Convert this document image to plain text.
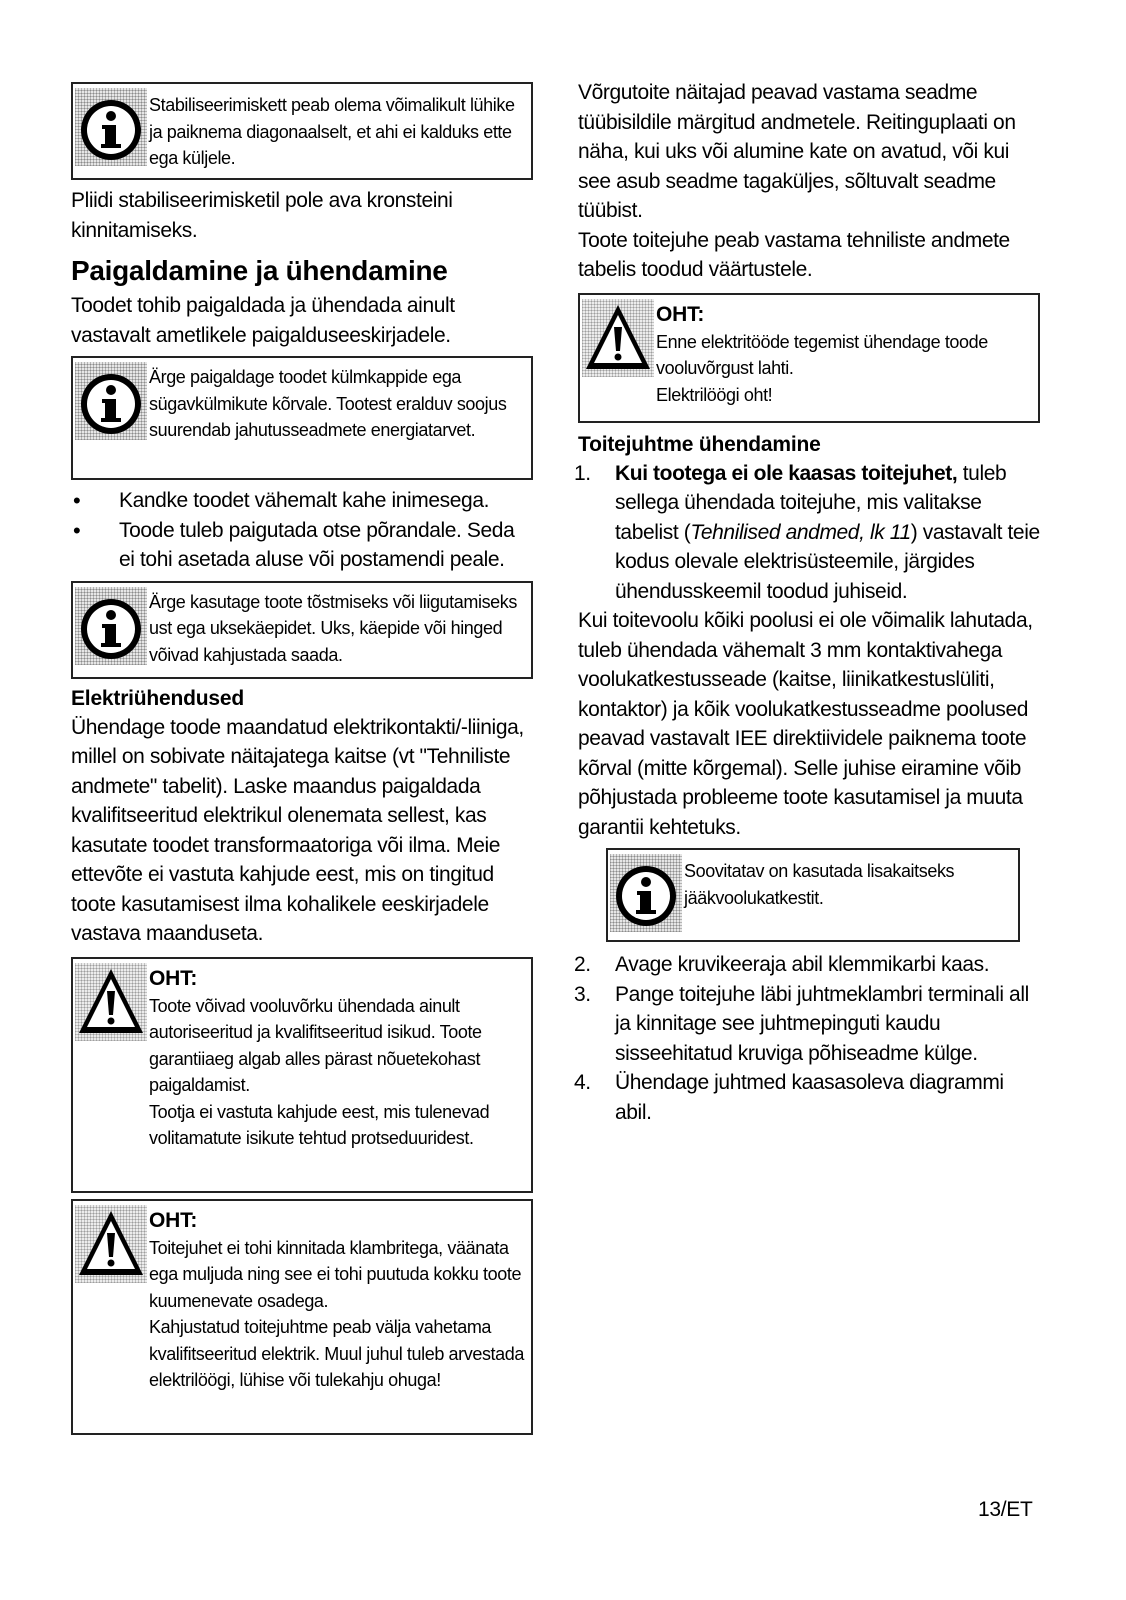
Stabiliseerimiskett peab olema võimalikult lühike ja paiknema diagonaalselt, et ahi ei kalduks ette ega küljele.

Pliidi stabiliseerimisketil pole ava kronsteini kinnitamiseks.

Paigaldamine ja ühendamine

Toodet tohib paigaldada ja ühendada ainult vastavalt ametlikele paigalduseeskirjadele.

Ärge paigaldage toodet külmkappide ega sügavkülmikute kõrvale. Tootest eralduv soojus suurendab jahutusseadmete energiatarvet.
• Kandke toodet vähemalt kahe inimesega.
• Toode tuleb paigutada otse põrandale. Seda ei tohi asetada aluse või postamendi peale.
Ärge kasutage toote tõstmiseks või liigutamiseks ust ega uksekäepidet. Uks, käepide või hinged võivad kahjustada saada.
Elektriühendused

Ühendage toode maandatud elektrikontakti/-liiniga, millel on sobivate näitajatega kaitse (vt "Tehniliste andmete" tabelit). Laske maandus paigaldada kvalifitseeritud elektrikul olenemata sellest, kas kasutate toodet transformaatoriga või ilma. Meie ettevõte ei vastuta kahjude eest, mis on tingitud toote kasutamisest ilma kohalikele eeskirjadele vastava maanduseta.

OHT:
Toote võivad vooluvõrku ühendada ainult autoriseeritud ja kvalifitseeritud isikud. Toote garantiiaeg algab alles pärast nõuetekohast paigaldamist.
Tootja ei vastuta kahjude eest, mis tulenevad volitamatute isikute tehtud protseduuridest.
OHT:
Toitejuhet ei tohi kinnitada klambritega, väänata ega muljuda ning see ei tohi puutuda kokku toote kuumenevate osadega.
Kahjustatud toitejuhtme peab välja vahetama kvalifitseeritud elektrik. Muul juhul tuleb arvestada elektrilöögi, lühise või tulekahju ohuga!

Võrgutoite näitajad peavad vastama seadme tüübisildile märgitud andmetele. Reitinguplaati on näha, kui uks või alumine kate on avatud, või kui see asub seadme tagaküljes, sõltuvalt seadme tüübist.

Toote toitejuhe peab vastama tehniliste andmete tabelis toodud väärtustele.

OHT:
Enne elektritööde tegemist ühendage toode vooluvõrgust lahti.
Elektrilöögi oht!
Toitejuhtme ühendamine
1. Kui tootega ei ole kaasas toitejuhet, tuleb sellega ühendada toitejuhe, mis valitakse tabelist (Tehnilised andmed, lk 11) vastavalt teie kodus olevale elektrisüsteemile, järgides ühendusskeemil toodud juhiseid.

Kui toitevoolu kõiki poolusi ei ole võimalik lahutada, tuleb ühendada vähemalt 3 mm kontaktivahega voolukatkestusseade (kaitse, liinikatkestuslüliti, kontaktor) ja kõik voolukatkestusseadme poolused peavad vastavalt IEE direktiividele paiknema toote kõrval (mitte kõrgemal). Selle juhise eiramine võib põhjustada probleeme toote kasutamisel ja muuta garantii kehtetuks.

Soovitatav on kasutada lisakaitseks jääkvoolukatkestit.
2. Avage kruvikeeraja abil klemmikarbi kaas.
3. Pange toitejuhe läbi juhtmeklambri terminali all ja kinnitage see juhtmepinguti kaudu sisseehitatud kruviga põhiseadme külge.
4. Ühendage juhtmed kaasasoleva diagrammi abil.
13/ET
